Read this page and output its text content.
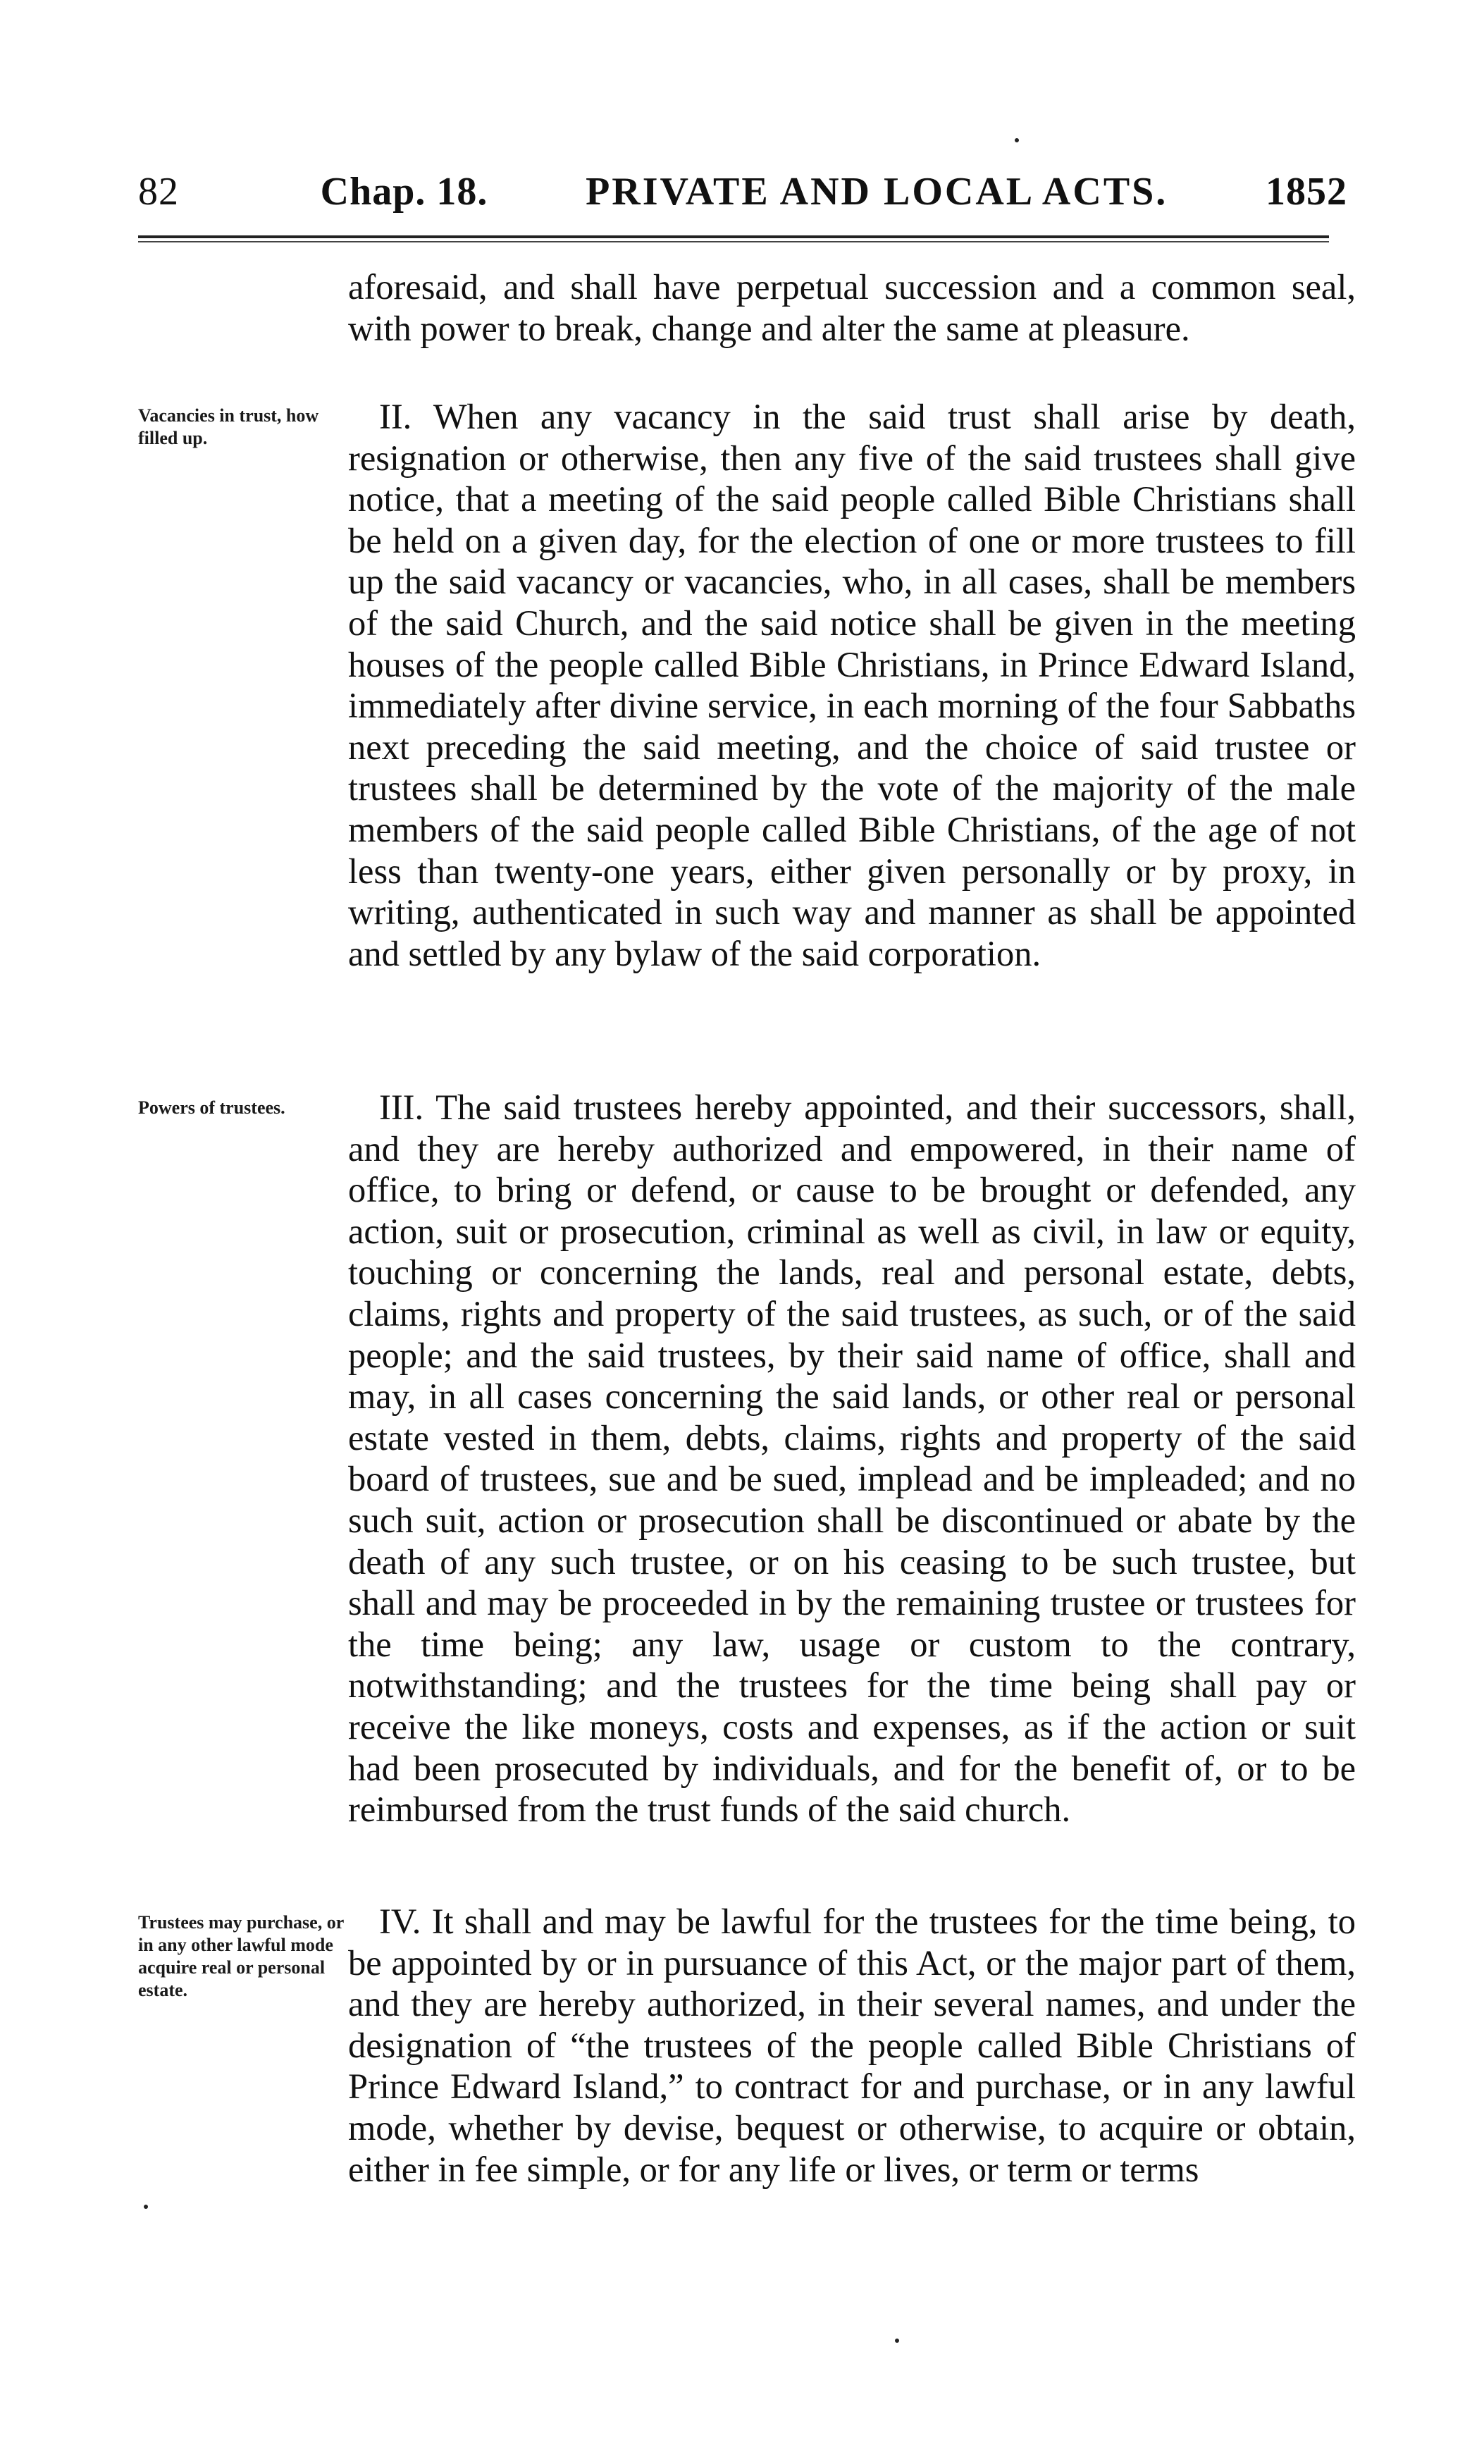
82	Chap. 18. PRIVATE AND LOCAL ACTS. 1852
aforesaid, and shall have perpetual succession and a common seal, with power to break, change and alter the same at pleasure.
Vacancies in trust, how filled up.
II. When any vacancy in the said trust shall arise by death, resignation or otherwise, then any five of the said trustees shall give notice, that a meeting of the said people called Bible Christians shall be held on a given day, for the election of one or more trustees to fill up the said vacancy or vacancies, who, in all cases, shall be members of the said Church, and the said notice shall be given in the meeting houses of the people called Bible Christians, in Prince Edward Island, immediately after divine service, in each morning of the four Sabbaths next preceding the said meeting, and the choice of said trustee or trustees shall be determined by the vote of the majority of the male members of the said people called Bible Christians, of the age of not less than twenty-one years, either given personally or by proxy, in writing, authenticated in such way and manner as shall be appointed and settled by any bylaw of the said corporation.
Powers of trustees.	III. The said trustees hereby appointed, and their successors, shall, and they are hereby authorized and empowered, in their name of office, to bring or defend, or cause to be brought or defended, any action, suit or prosecution, criminal as well as civil, in law or equity, touching or concerning the lands, real and personal estate, debts, claims, rights and property of the said trustees, as such, or of the said people; and the said trustees, by their said name of office, shall and may, in all cases concerning the said lands, or other real or personal estate vested in them, debts, claims, rights and property of the said board of trustees, sue and be sued, implead and be impleaded; and no such suit, action or prosecution shall be discontinued or abate by the death of any such trustee, or on his ceasing to be such trustee, but shall and may be proceeded in by the remaining trustee or trustees for the time being; any law, usage or custom to the contrary, notwithstanding; and the trustees for the time being shall pay or receive the like moneys, costs and expenses, as if the action or suit had been prosecuted by individuals, and for the benefit of, or to be reimbursed from the trust funds of the said church.
Trustees may purchase, or in any other lawful mode acquire real or personal estate.
IV. It shall and may be lawful for the trustees for the time being, to be appointed by or in pursuance of this Act, or the major part of them, and they are hereby authorized, in their several names, and under the designation of “the trustees of the people called Bible Christians of Prince Edward Island,” to contract for and purchase, or in any lawful mode, whether by devise, bequest or otherwise, to acquire or obtain, either in fee simple, or for any life or lives, or term or terms
